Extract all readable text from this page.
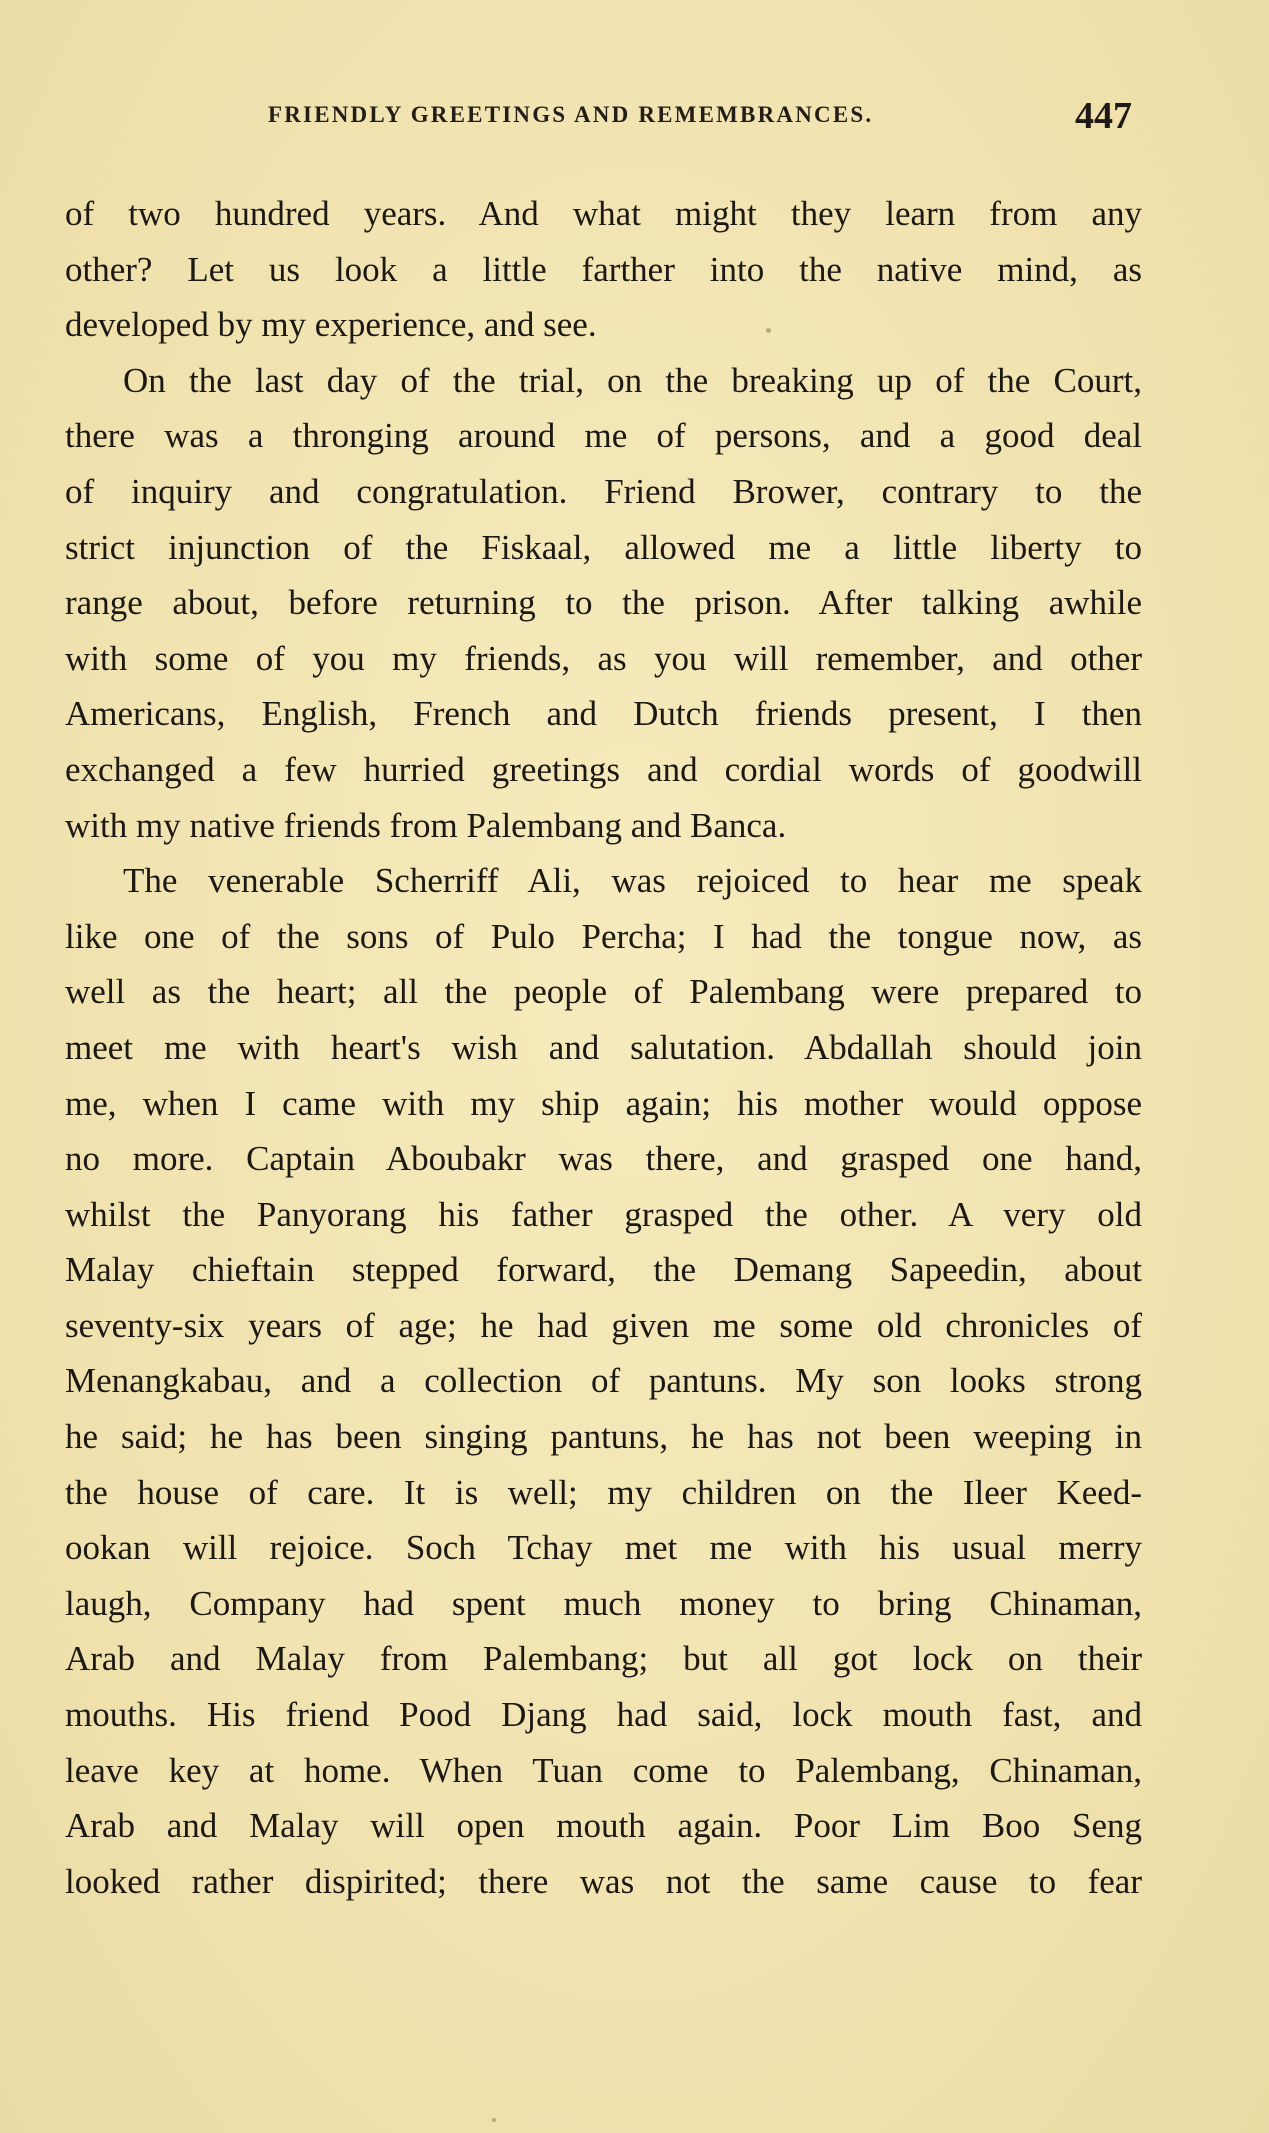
FRIENDLY GREETINGS AND REMEMBRANCES.	447
of two hundred years. And what might they learn from any
other? Let us look a little farther into the native mind, as
developed by my experience, and see.
On the last day of the trial, on the breaking up of the Court,
there was a thronging around me of persons, and a good deal
of inquiry and congratulation. Friend Brower, contrary to the
strict injunction of the Fiskaal, allowed me a little liberty to
range about, before returning to the prison. After talking awhile
with some of you my friends, as you will remember, and other
Americans, English, French and Dutch friends present, I then
exchanged a few hurried greetings and cordial words of goodwill
with my native friends from Palembang and Banca.
The venerable Scherriff Ali, was rejoiced to hear me speak
like one of the sons of Pulo Percha; I had the tongue now, as
well as the heart; all the people of Palembang were prepared to
meet me with heart's wish and salutation. Abdallah should join
me, when I came with my ship again; his mother would oppose
no more. Captain Aboubakr was there, and grasped one hand,
whilst the Panyorang his father grasped the other. A very old
Malay chieftain stepped forward, the Demang Sapeedin, about
seventy-six years of age; he had given me some old chronicles of
Menangkabau, and a collection of pantuns. My son looks strong
he said; he has been singing pantuns, he has not been weeping in
the house of care. It is well; my children on the Ileer Keed-
ookan will rejoice. Soch Tchay met me with his usual merry
laugh, Company had spent much money to bring Chinaman,
Arab and Malay from Palembang; but all got lock on their
mouths. His friend Pood Djang had said, lock mouth fast, and
leave key at home. When Tuan come to Palembang, Chinaman,
Arab and Malay will open mouth again. Poor Lim Boo Seng
looked rather dispirited; there was not the same cause to fear
